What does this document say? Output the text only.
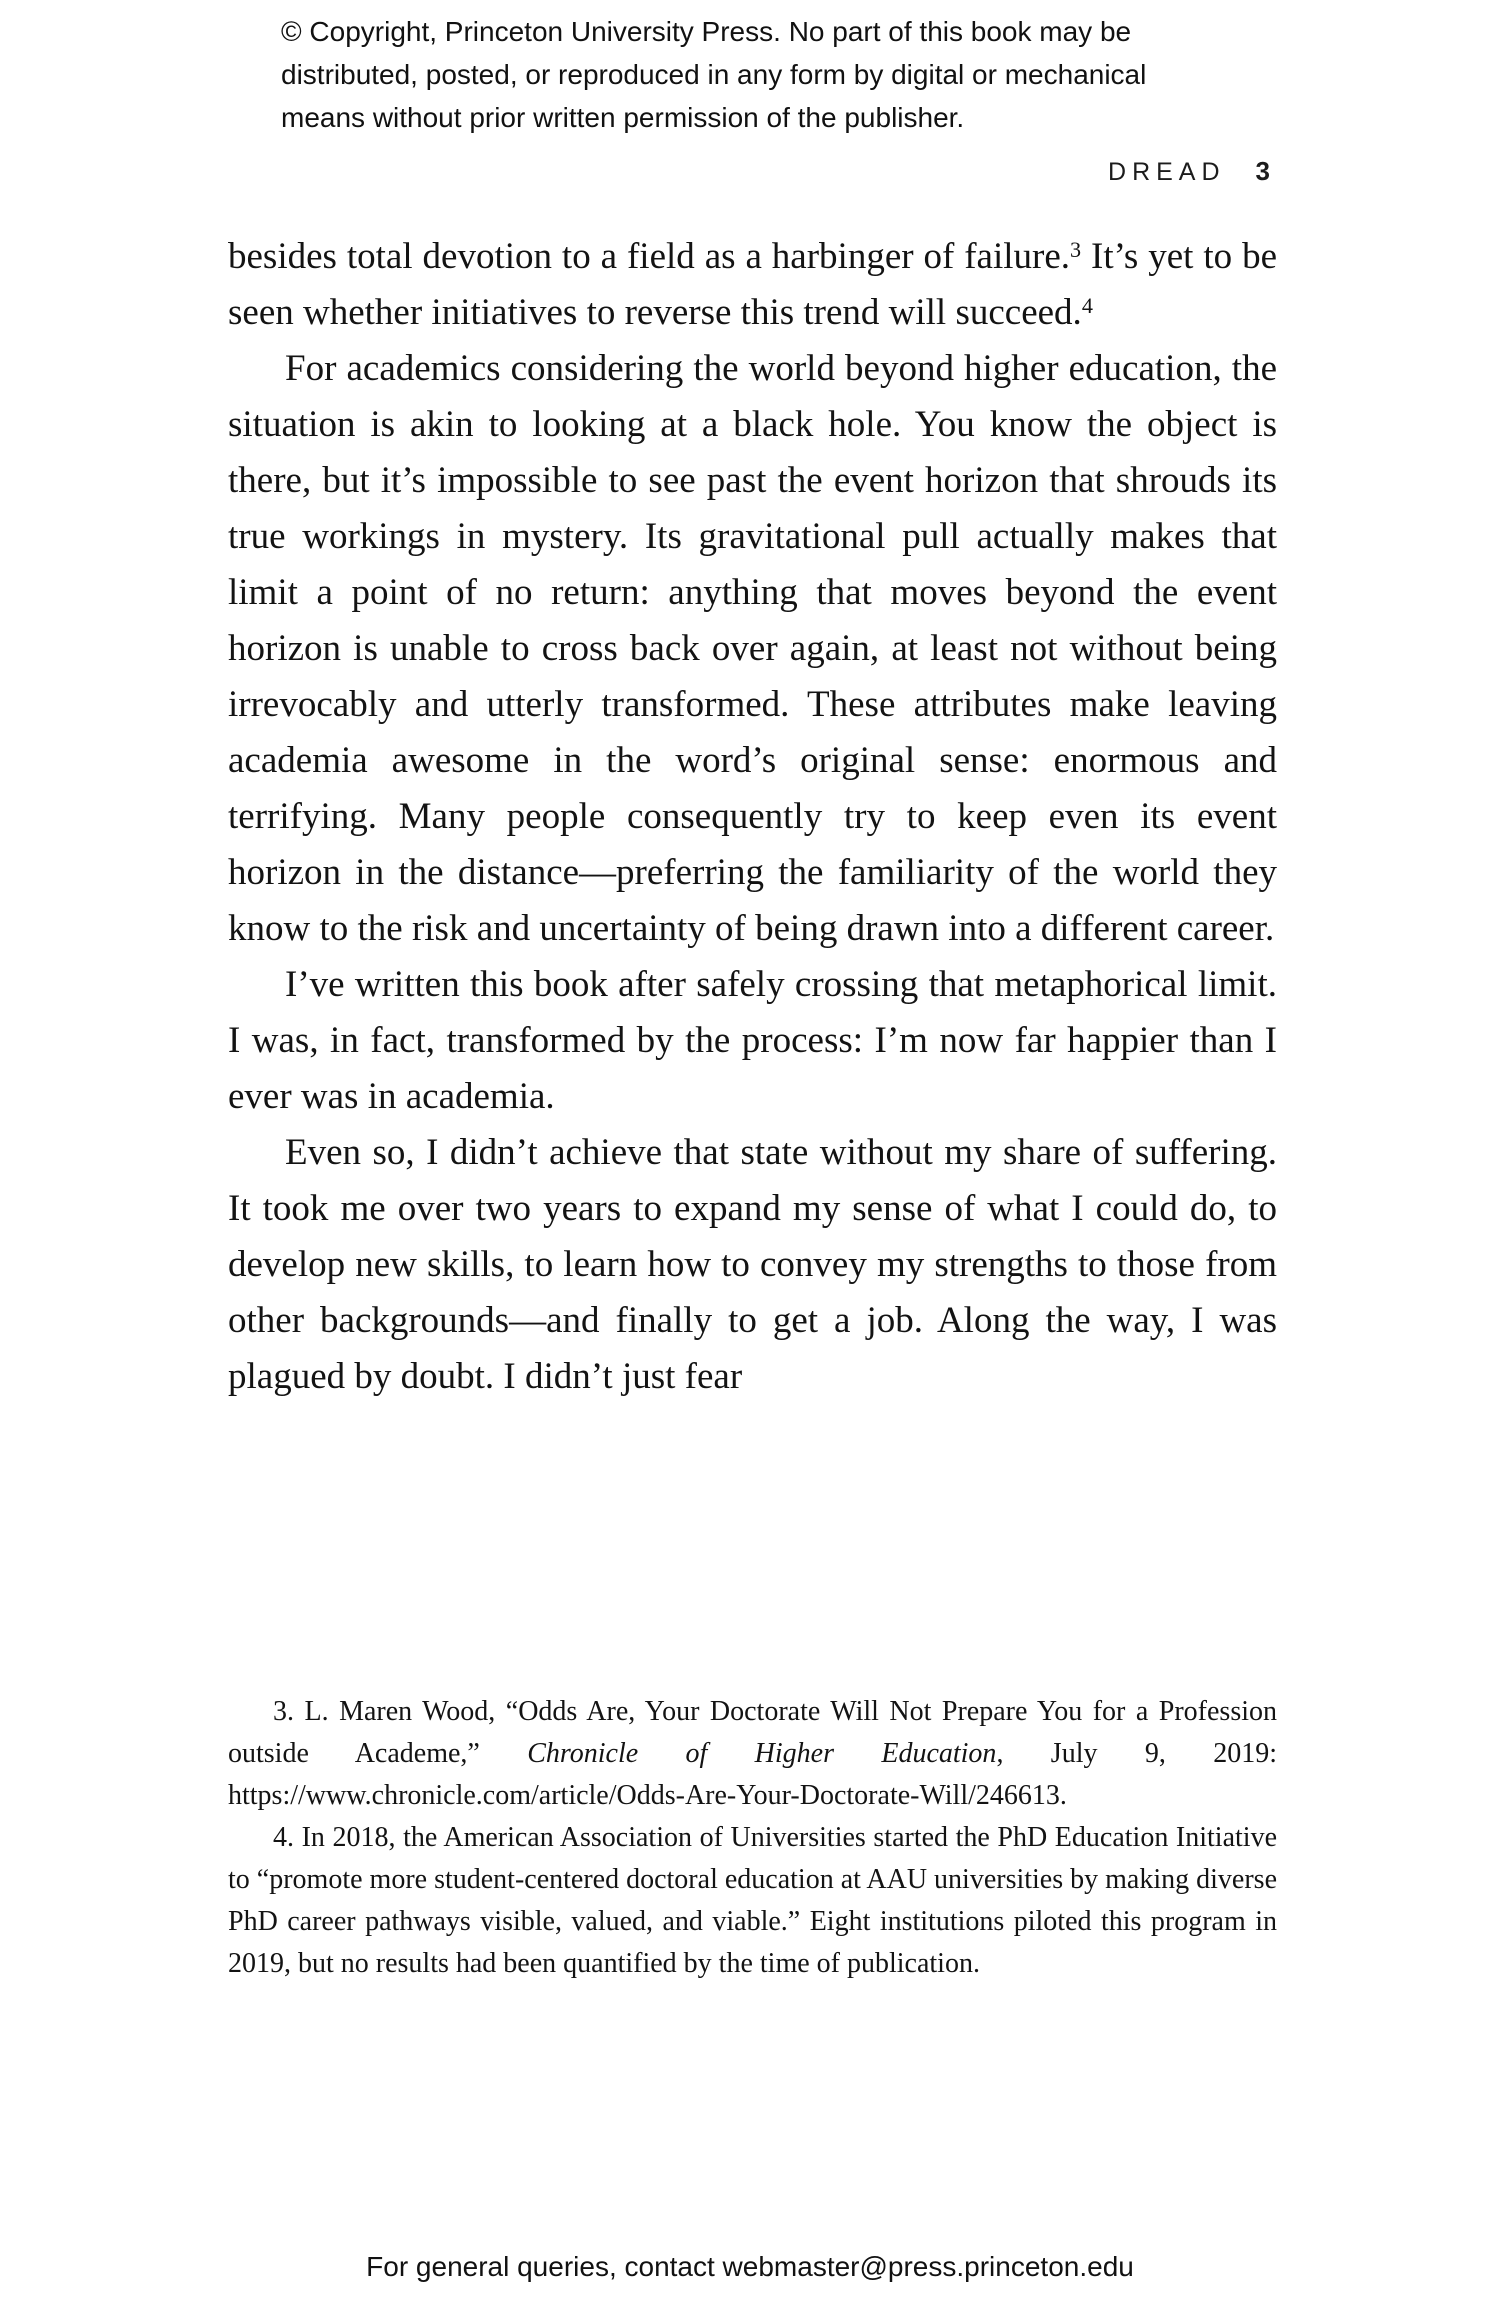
© Copyright, Princeton University Press. No part of this book may be
distributed, posted, or reproduced in any form by digital or mechanical
means without prior written permission of the publisher.
DREAD 3

besides total devotion to a field as a harbinger of failure.$^3$ It’s yet to be seen whether initiatives to reverse this trend will succeed.$^4$

For academics considering the world beyond higher education, the situation is akin to looking at a black hole. You know the object is there, but it’s impossible to see past the event horizon that shrouds its true workings in mystery. Its gravitational pull actually makes that limit a point of no return: anything that moves beyond the event horizon is unable to cross back over again, at least not without being irrevocably and utterly transformed. These attributes make leaving academia awesome in the word’s original sense: enormous and terrifying. Many people consequently try to keep even its event horizon in the distance—preferring the familiarity of the world they know to the risk and uncertainty of being drawn into a different career.

I’ve written this book after safely crossing that metaphorical limit. I was, in fact, transformed by the process: I’m now far happier than I ever was in academia.

Even so, I didn’t achieve that state without my share of suffering. It took me over two years to expand my sense of what I could do, to develop new skills, to learn how to convey my strengths to those from other backgrounds—and finally to get a job. Along the way, I was plagued by doubt. I didn’t just fear

3. L. Maren Wood, “Odds Are, Your Doctorate Will Not Prepare You for a Profession outside Academe,” Chronicle of Higher Education, July 9, 2019: https://www.chronicle.com/article/Odds-Are-Your-Doctorate-Will/246613.

4. In 2018, the American Association of Universities started the PhD Education Initiative to “promote more student-centered doctoral education at AAU universities by making diverse PhD career pathways visible, valued, and viable.” Eight institutions piloted this program in 2019, but no results had been quantified by the time of publication.

For general queries, contact webmaster@press.princeton.edu
